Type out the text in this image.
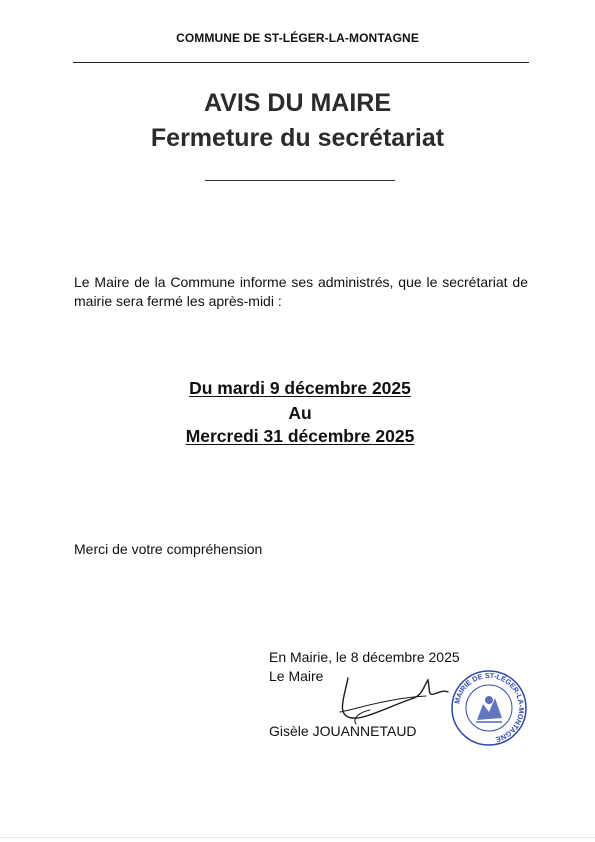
COMMUNE DE ST-LÉGER-LA-MONTAGNE
AVIS DU MAIRE
Fermeture du secrétariat
Le Maire de la Commune informe ses administrés, que le secrétariat de mairie sera fermé les après-midi :
Du mardi 9 décembre 2025
Au
Mercredi 31 décembre 2025
Merci de votre compréhension
En Mairie, le 8 décembre 2025
Le Maire
MAIRIE DE ST-LÉGER-LA-MONTAGNE
Gisèle JOUANNETAUD
